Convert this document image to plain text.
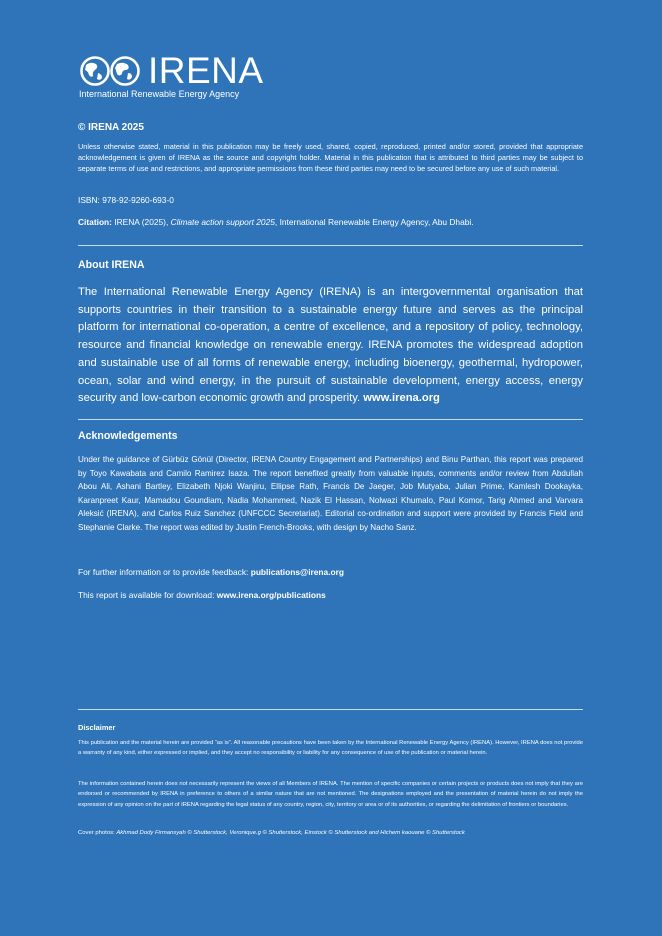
IRENA
International Renewable Energy Agency
© IRENA 2025
Unless otherwise stated, material in this publication may be freely used, shared, copied, reproduced, printed and/or stored, provided that appropriate acknowledgement is given of IRENA as the source and copyright holder. Material in this publication that is attributed to third parties may be subject to separate terms of use and restrictions, and appropriate permissions from these third parties may need to be secured before any use of such material.
ISBN: 978-92-9260-693-0
Citation: IRENA (2025), Climate action support 2025, International Renewable Energy Agency, Abu Dhabi.
About IRENA
The International Renewable Energy Agency (IRENA) is an intergovernmental organisation that supports countries in their transition to a sustainable energy future and serves as the principal platform for international co-operation, a centre of excellence, and a repository of policy, technology, resource and financial knowledge on renewable energy. IRENA promotes the widespread adoption and sustainable use of all forms of renewable energy, including bioenergy, geothermal, hydropower, ocean, solar and wind energy, in the pursuit of sustainable development, energy access, energy security and low-carbon economic growth and prosperity. www.irena.org
Acknowledgements
Under the guidance of Gürbüz Gönül (Director, IRENA Country Engagement and Partnerships) and Binu Parthan, this report was prepared by Toyo Kawabata and Camilo Ramirez Isaza. The report benefited greatly from valuable inputs, comments and/or review from Abdullah Abou Ali, Ashani Bartley, Elizabeth Njoki Wanjiru, Ellipse Rath, Francis De Jaeger, Job Mutyaba, Julian Prime, Kamlesh Dookayka, Karanpreet Kaur, Mamadou Goundiam, Nadia Mohammed, Nazik El Hassan, Nolwazi Khumalo, Paul Komor, Tarig Ahmed and Varvara Aleksić (IRENA), and Carlos Ruiz Sanchez (UNFCCC Secretariat). Editorial co-ordination and support were provided by Francis Field and Stephanie Clarke. The report was edited by Justin French-Brooks, with design by Nacho Sanz.
For further information or to provide feedback: publications@irena.org
This report is available for download: www.irena.org/publications
Disclaimer
This publication and the material herein are provided “as is”. All reasonable precautions have been taken by the International Renewable Energy Agency (IRENA). However, IRENA does not provide a warranty of any kind, either expressed or implied, and they accept no responsibility or liability for any consequence of use of the publication or material herein.
The information contained herein does not necessarily represent the views of all Members of IRENA. The mention of specific companies or certain projects or products does not imply that they are endorsed or recommended by IRENA in preference to others of a similar nature that are not mentioned. The designations employed and the presentation of material herein do not imply the expression of any opinion on the part of IRENA regarding the legal status of any country, region, city, territory or area or of its authorities, or regarding the delimitation of frontiers or boundaries.
Cover photos: Akhmad Dody Firmansyah © Shutterstock, Veronique.g © Shutterstock, Einstock © Shutterstock and Hichem kaouane © Shutterstock
